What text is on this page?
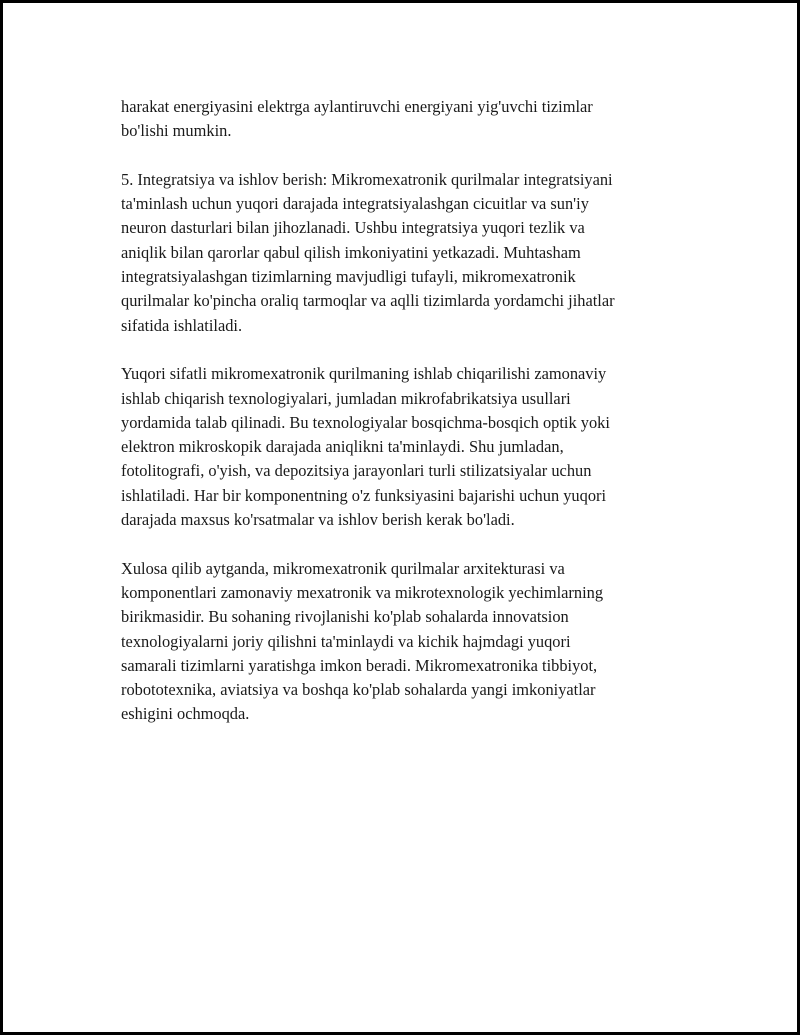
harakat energiyasini elektrga aylantiruvchi energiyani yig'uvchi tizimlar
bo'lishi mumkin.

5. Integratsiya va ishlov berish: Mikromexatronik qurilmalar integratsiyani
ta'minlash uchun yuqori darajada integratsiyalashgan cicuitlar va sun'iy
neuron dasturlari bilan jihozlanadi. Ushbu integratsiya yuqori tezlik va
aniqlik bilan qarorlar qabul qilish imkoniyatini yetkazadi. Muhtasham
integratsiyalashgan tizimlarning mavjudligi tufayli, mikromexatronik
qurilmalar ko'pincha oraliq tarmoqlar va aqlli tizimlarda yordamchi jihatlar
sifatida ishlatiladi.

Yuqori sifatli mikromexatronik qurilmaning ishlab chiqarilishi zamonaviy
ishlab chiqarish texnologiyalari, jumladan mikrofabrikatsiya usullari
yordamida talab qilinadi. Bu texnologiyalar bosqichma-bosqich optik yoki
elektron mikroskopik darajada aniqlikni ta'minlaydi. Shu jumladan,
fotolitografi, o'yish, va depozitsiya jarayonlari turli stilizatsiyalar uchun
ishlatiladi. Har bir komponentning o'z funksiyasini bajarishi uchun yuqori
darajada maxsus ko'rsatmalar va ishlov berish kerak bo'ladi.

Xulosa qilib aytganda, mikromexatronik qurilmalar arxitekturasi va
komponentlari zamonaviy mexatronik va mikrotexnologik yechimlarning
birikmasidir. Bu sohaning rivojlanishi ko'plab sohalarda innovatsion
texnologiyalarni joriy qilishni ta'minlaydi va kichik hajmdagi yuqori
samarali tizimlarni yaratishga imkon beradi. Mikromexatronika tibbiyot,
robototexnika, aviatsiya va boshqa ko'plab sohalarda yangi imkoniyatlar
eshigini ochmoqda.
